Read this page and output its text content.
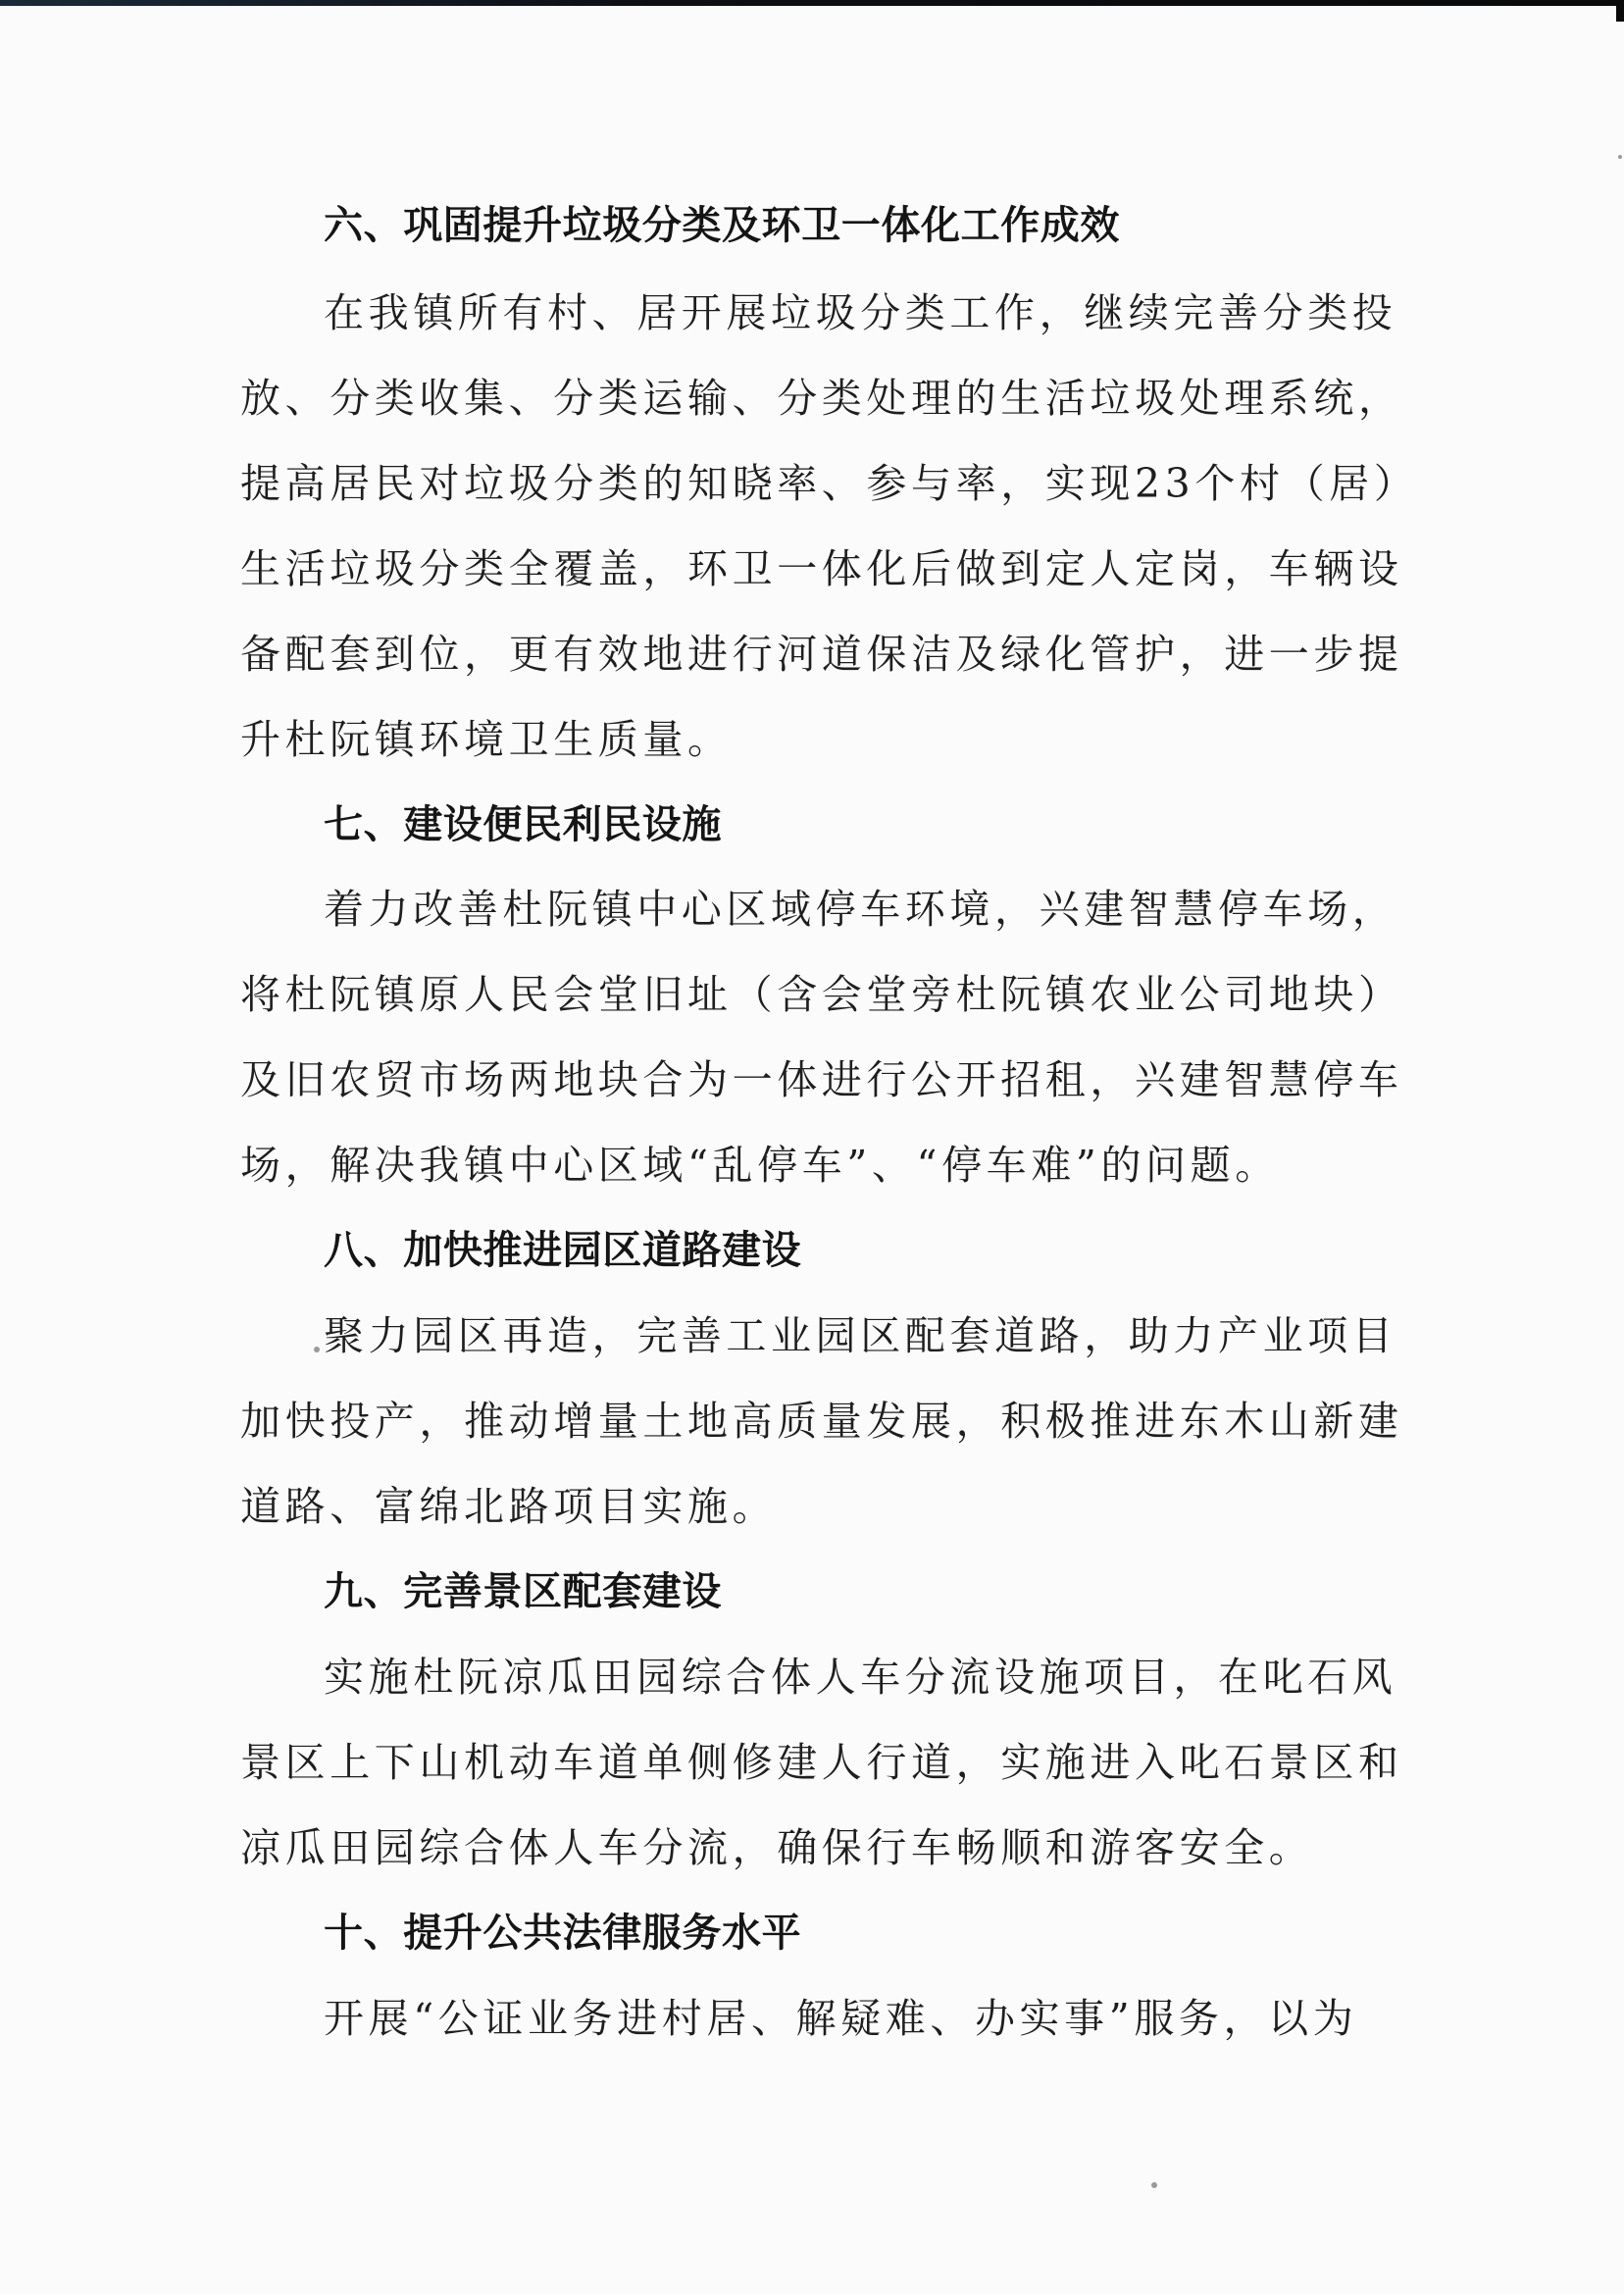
六、巩固提升垃圾分类及环卫一体化工作成效
在我镇所有村、居开展垃圾分类工作，继续完善分类投
放、分类收集、分类运输、分类处理的生活垃圾处理系统，
提高居民对垃圾分类的知晓率、参与率，实现23个村（居）
生活垃圾分类全覆盖，环卫一体化后做到定人定岗，车辆设
备配套到位，更有效地进行河道保洁及绿化管护，进一步提
升杜阮镇环境卫生质量。
七、建设便民利民设施
着力改善杜阮镇中心区域停车环境，兴建智慧停车场，
将杜阮镇原人民会堂旧址（含会堂旁杜阮镇农业公司地块）
及旧农贸市场两地块合为一体进行公开招租，兴建智慧停车
场，解决我镇中心区域“乱停车”、“停车难”的问题。
八、加快推进园区道路建设
聚力园区再造，完善工业园区配套道路，助力产业项目
加快投产，推动增量土地高质量发展，积极推进东木山新建
道路、富绵北路项目实施。
九、完善景区配套建设
实施杜阮凉瓜田园综合体人车分流设施项目，在叱石风
景区上下山机动车道单侧修建人行道，实施进入叱石景区和
凉瓜田园综合体人车分流，确保行车畅顺和游客安全。
十、提升公共法律服务水平
开展“公证业务进村居、解疑难、办实事”服务，以为
